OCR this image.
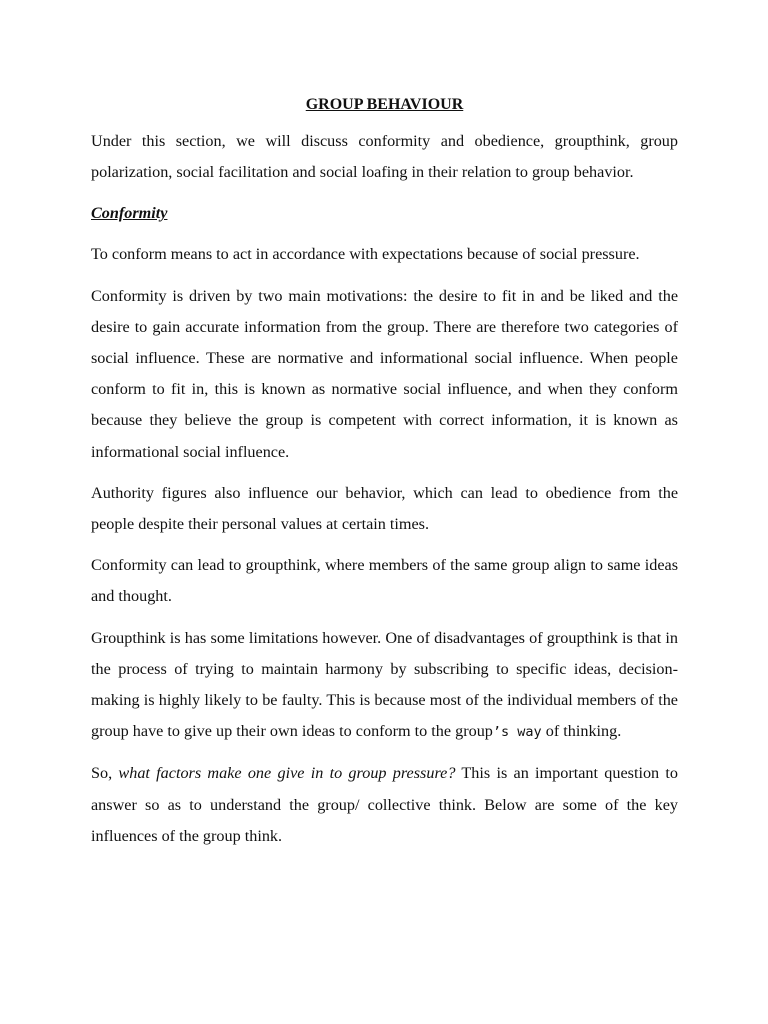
GROUP BEHAVIOUR

Under this section, we will discuss conformity and obedience, groupthink, group polarization, social facilitation and social loafing in their relation to group behavior.

Conformity

To conform means to act in accordance with expectations because of social pressure.

Conformity is driven by two main motivations: the desire to fit in and be liked and the desire to gain accurate information from the group. There are therefore two categories of social influence. These are normative and informational social influence. When people conform to fit in, this is known as normative social influence, and when they conform because they believe the group is competent with correct information, it is known as informational social influence.

Authority figures also influence our behavior, which can lead to obedience from the people despite their personal values at certain times.

Conformity can lead to groupthink, where members of the same group align to same ideas and thought.

Groupthink is has some limitations however. One of disadvantages of groupthink is that in the process of trying to maintain harmony by subscribing to specific ideas, decision-making is highly likely to be faulty. This is because most of the individual members of the group have to give up their own ideas to conform to the group’s way of thinking.

So, what factors make one give in to group pressure? This is an important question to answer so as to understand the group/ collective think. Below are some of the key influences of the group think.
